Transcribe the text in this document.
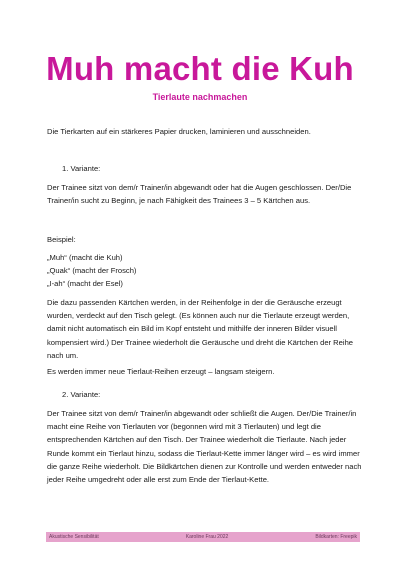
Muh macht die Kuh
Tierlaute nachmachen

Die Tierkarten auf ein stärkeres Papier drucken, laminieren und ausschneiden.

1. Variante:

Der Trainee sitzt von dem/r Trainer/in abgewandt oder hat die Augen geschlossen. Der/Die Trainer/in sucht zu Beginn, je nach Fähigkeit des Trainees 3 – 5 Kärtchen aus.

Beispiel:

„Muh“ (macht die Kuh)
„Quak“ (macht der Frosch)
„I-ah“ (macht der Esel)

Die dazu passenden Kärtchen werden, in der Reihenfolge in der die Geräusche erzeugt wurden, verdeckt auf den Tisch gelegt. (Es können auch nur die Tierlaute erzeugt werden, damit nicht automatisch ein Bild im Kopf entsteht und mithilfe der inneren Bilder visuell kompensiert wird.) Der Trainee wiederholt die Geräusche und dreht die Kärtchen der Reihe nach um.

Es werden immer neue Tierlaut-Reihen erzeugt – langsam steigern.

2. Variante:

Der Trainee sitzt von dem/r Trainer/in abgewandt oder schließt die Augen. Der/Die Trainer/in macht eine Reihe von Tierlauten vor (begonnen wird mit 3 Tierlauten) und legt die entsprechenden Kärtchen auf den Tisch. Der Trainee wiederholt die Tierlaute. Nach jeder Runde kommt ein Tierlaut hinzu, sodass die Tierlaut-Kette immer länger wird – es wird immer die ganze Reihe wiederholt. Die Bildkärtchen dienen zur Kontrolle und werden entweder nach jeder Reihe umgedreht oder alle erst zum Ende der Tierlaut-Kette.

Akustische Sensibilität	Karoline Frau 2022	Bildkarten: Freepik
